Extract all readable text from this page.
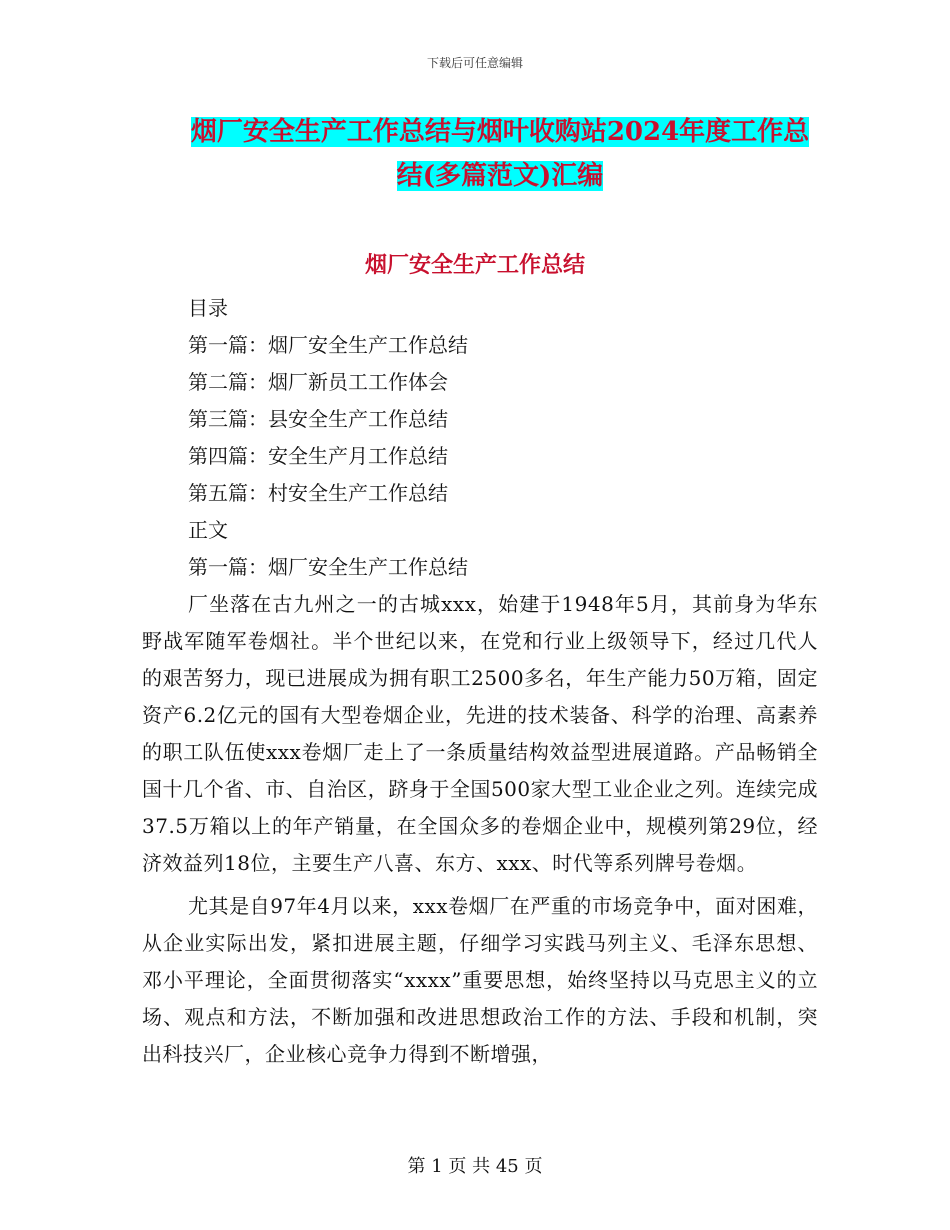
下载后可任意编辑
烟厂安全生产工作总结与烟叶收购站2024年度工作总
结(多篇范文)汇编
烟厂安全生产工作总结

目录

第一篇：烟厂安全生产工作总结

第二篇：烟厂新员工工作体会

第三篇：县安全生产工作总结

第四篇：安全生产月工作总结

第五篇：村安全生产工作总结

正文

第一篇：烟厂安全生产工作总结

厂坐落在古九州之一的古城xxx，始建于1948年5月，其前身为华东野战军随军卷烟社。半个世纪以来，在党和行业上级领导下，经过几代人的艰苦努力，现已进展成为拥有职工2500多名，年生产能力50万箱，固定资产6.2亿元的国有大型卷烟企业，先进的技术装备、科学的治理、高素养的职工队伍使xxx卷烟厂走上了一条质量结构效益型进展道路。产品畅销全国十几个省、市、自治区，跻身于全国500家大型工业企业之列。连续完成37.5万箱以上的年产销量，在全国众多的卷烟企业中，规模列第29位，经济效益列18位，主要生产八喜、东方、xxx、时代等系列牌号卷烟。

尤其是自97年4月以来，xxx卷烟厂在严重的市场竞争中，面对困难，从企业实际出发，紧扣进展主题，仔细学习实践马列主义、毛泽东思想、邓小平理论，全面贯彻落实“xxxx”重要思想，始终坚持以马克思主义的立场、观点和方法，不断加强和改进思想政治工作的方法、手段和机制，突出科技兴厂，企业核心竞争力得到不断增强，

第 1 页 共 45 页
